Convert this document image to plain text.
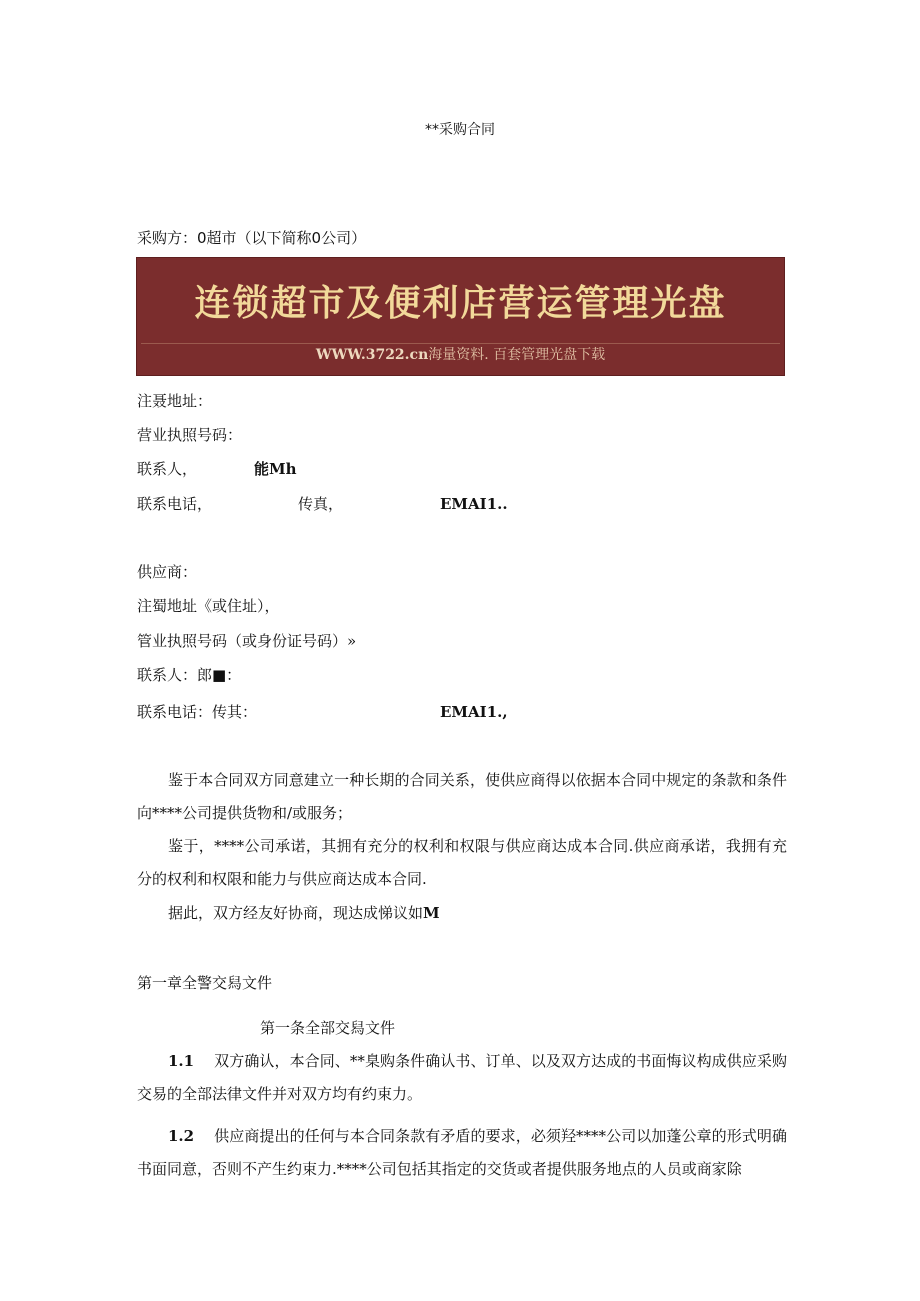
**采购合同
采购方：0超市（以下简称0公司）
连锁超市及便利店营运管理光盘
WWW.3722.cn海量资料. 百套管理光盘下载
注聂地址：
营业执照号码：
联系人，	能Mh
联系电话，	传真，	EMAI1..
供应商：
注蜀地址《或住址），
管业执照号码（或身份证号码）»
联系人：郎■：
联系电话：传其：	EMAI1.,
鉴于本合同双方同意建立一种长期的合同关系，使供应商得以依据本合同中规定的条款和条件向****公司提供货物和/或服务；
鉴于，****公司承诺，其拥有充分的权利和权限与供应商达成本合同.供应商承诺，我拥有充分的权利和权限和能力与供应商达成本合同.
据此，双方经友好协商，现达成悌议如M
第一章全警交舄文件
第一条全部交舄文件
1.1 双方确认，本合同、**臬购条件确认书、订单、以及双方达成的书面悔议构成供应采购交易的全部法律文件并对双方均有约束力。
1.2 供应商提出的任何与本合同条款有矛盾的要求，必须羟****公司以加蓬公章的形式明确书面同意，否则不产生约束力.****公司包括其指定的交货或者提供服务地点的人员或商家除
